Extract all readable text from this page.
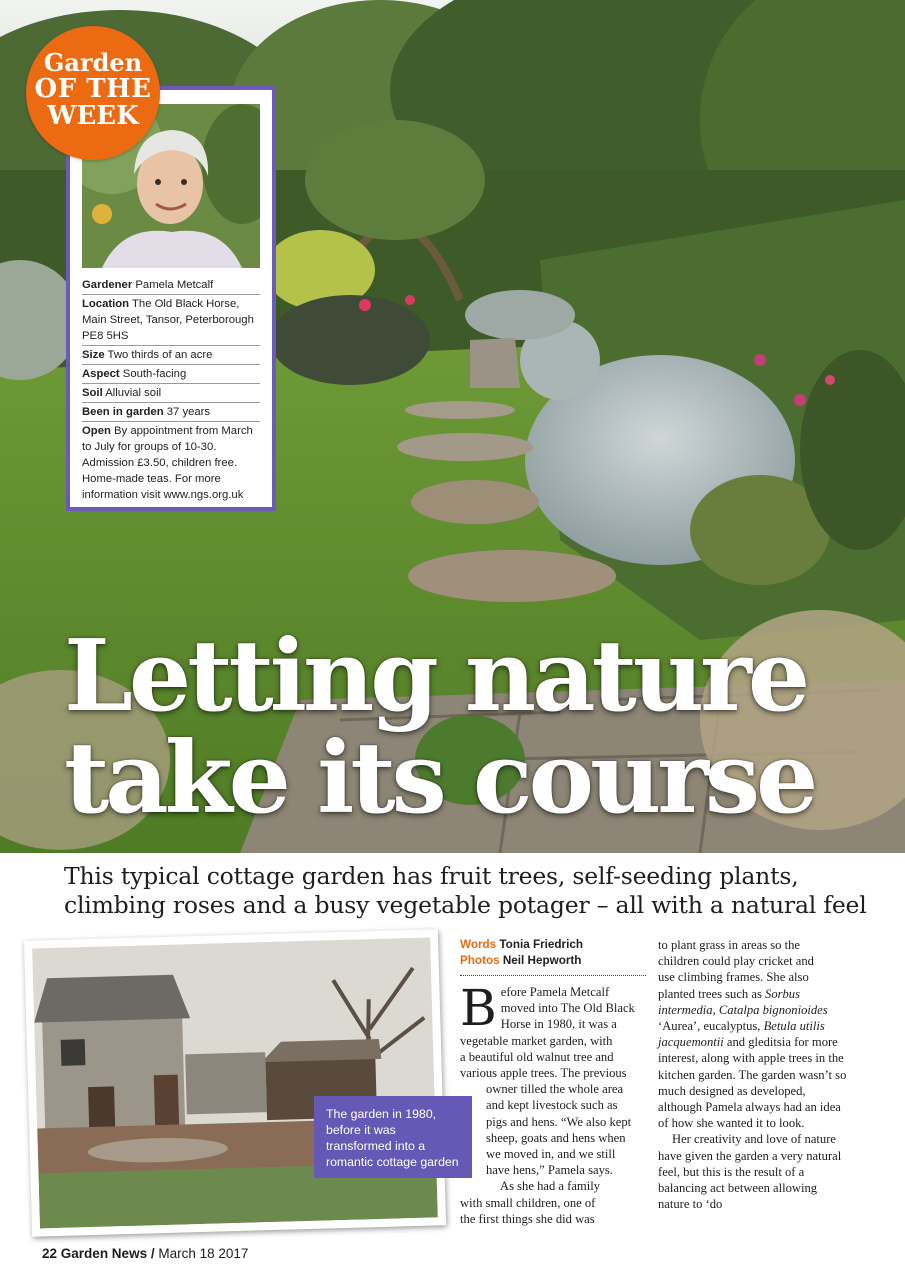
Garden
OF THE
WEEK
Gardener Pamela Metcalf
Location The Old Black Horse, Main Street, Tansor, Peterborough PE8 5HS
Size Two thirds of an acre
Aspect South-facing
Soil Alluvial soil
Been in garden 37 years
Open By appointment from March to July for groups of 10-30. Admission £3.50, children free. Home-made teas. For more information visit www.ngs.org.uk
Letting nature
take its course
This typical cottage garden has fruit trees, self-seeding plants,
climbing roses and a busy vegetable potager – all with a natural feel
The garden in 1980,
before it was
transformed into a
romantic cottage garden
Words Tonia Friedrich
Photos Neil Hepworth

B efore Pamela Metcalf
moved into The Old Black
Horse in 1980, it was a
vegetable market garden, with
a beautiful old walnut tree and
various apple trees. The previous

owner tilled the whole area
and kept livestock such as
pigs and hens. “We also kept
sheep, goats and hens when
we moved in, and we still
have hens,” Pamela says.

As she had a family

with small children, one of
the first things she did was

to plant grass in areas so the
children could play cricket and
use climbing frames. She also
planted trees such as Sorbus intermedia, Catalpa bignonioides ‘Aurea’, eucalyptus, Betula utilis jacquemontii and gleditsia for more interest, along with apple trees in the kitchen garden. The garden wasn’t so much designed as developed, although Pamela always had an idea of how she wanted it to look.

Her creativity and love of nature have given the garden a very natural feel, but this is the result of a balancing act between allowing nature to ‘do

22 Garden News / March 18 2017
